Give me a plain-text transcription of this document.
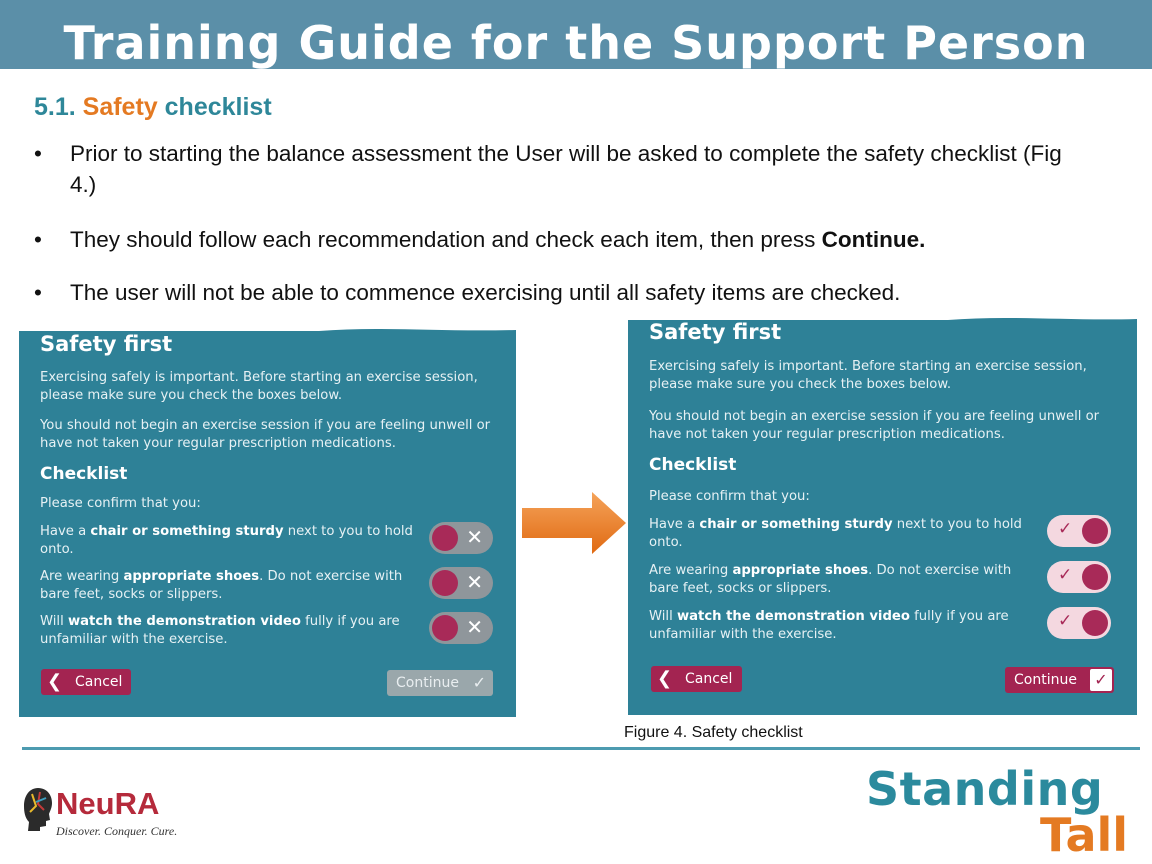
Training Guide for the Support Person
5.1. Safety checklist
• Prior to starting the balance assessment the User will be asked to complete the safety checklist (Fig
4.)
• They should follow each recommendation and check each item, then press Continue.
• The user will not be able to commence exercising until all safety items are checked.
Safety first
Exercising safely is important. Before starting an exercise session,
please make sure you check the boxes below.
You should not begin an exercise session if you are feeling unwell or
have not taken your regular prescription medications.
Checklist
Please confirm that you:
Have a chair or something sturdy next to you to hold
onto.
✕
Are wearing appropriate shoes. Do not exercise with
bare feet, socks or slippers.
✕
Will watch the demonstration video fully if you are
unfamiliar with the exercise.
✕
❮ Cancel	Continue ✓
Safety first
Exercising safely is important. Before starting an exercise session,
please make sure you check the boxes below.
You should not begin an exercise session if you are feeling unwell or
have not taken your regular prescription medications.
Checklist
Please confirm that you:
Have a chair or something sturdy next to you to hold
onto.
✓
Are wearing appropriate shoes. Do not exercise with
bare feet, socks or slippers.
✓
Will watch the demonstration video fully if you are
unfamiliar with the exercise.
✓
❮ Cancel	Continue ✓
Figure 4. Safety checklist
NeuRA
Discover. Conquer. Cure.
Standing
Tall
